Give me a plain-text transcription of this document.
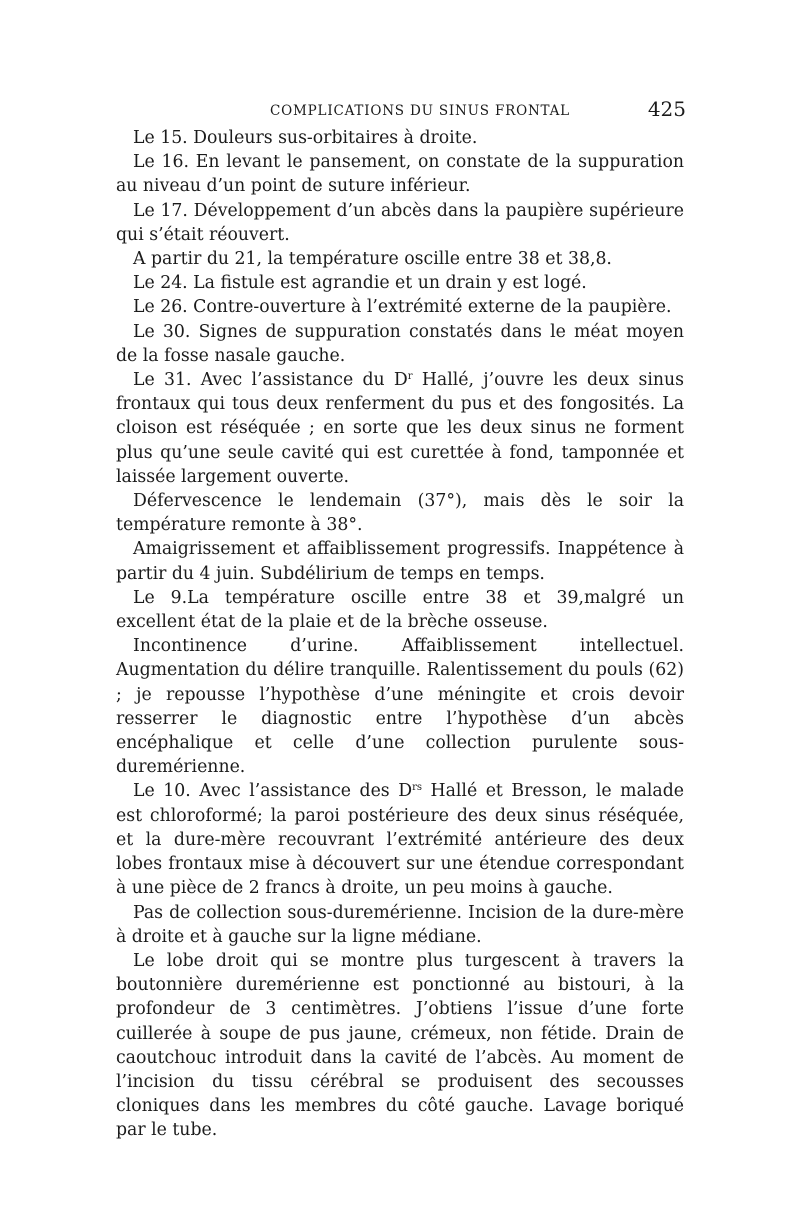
COMPLICATIONS DU SINUS FRONTAL	425

Le 15. Douleurs sus-orbitaires à droite.

Le 16. En levant le pansement, on constate de la suppuration au niveau d’un point de suture inférieur.

Le 17. Développement d’un abcès dans la paupière supérieure qui s’était réouvert.

A partir du 21, la température oscille entre 38 et 38,8.

Le 24. La fistule est agrandie et un drain y est logé.

Le 26. Contre-ouverture à l’extrémité externe de la paupière.

Le 30. Signes de suppuration constatés dans le méat moyen de la fosse nasale gauche.

Le 31. Avec l’assistance du $D^r$ Hallé, j’ouvre les deux sinus frontaux qui tous deux renferment du pus et des fongosités. La cloison est réséquée ; en sorte que les deux sinus ne forment plus qu’une seule cavité qui est curettée à fond, tamponnée et laissée largement ouverte.

Défervescence le lendemain (37°), mais dès le soir la température remonte à 38°.

Amaigrissement et affaiblissement progressifs. Inappétence à partir du 4 juin. Subdélirium de temps en temps.

Le 9.La température oscille entre 38 et 39,malgré un excellent état de la plaie et de la brèche osseuse.

Incontinence d’urine. Affaiblissement intellectuel. Augmentation du délire tranquille. Ralentissement du pouls (62) ; je repousse l’hypothèse d’une méningite et crois devoir resserrer le diagnostic entre l’hypothèse d’un abcès encéphalique et celle d’une collection purulente sous-duremérienne.

Le 10. Avec l’assistance des $D^{rs}$ Hallé et Bresson, le malade est chloroformé; la paroi postérieure des deux sinus réséquée, et la dure-mère recouvrant l’extrémité antérieure des deux lobes frontaux mise à découvert sur une étendue correspondant à une pièce de 2 francs à droite, un peu moins à gauche.

Pas de collection sous-duremérienne. Incision de la dure-mère à droite et à gauche sur la ligne médiane.

Le lobe droit qui se montre plus turgescent à travers la boutonnière duremérienne est ponctionné au bistouri, à la profondeur de 3 centimètres. J’obtiens l’issue d’une forte cuillerée à soupe de pus jaune, crémeux, non fétide. Drain de caoutchouc introduit dans la cavité de l’abcès. Au moment de l’incision du tissu cérébral se produisent des secousses cloniques dans les membres du côté gauche. Lavage boriqué par le tube.
